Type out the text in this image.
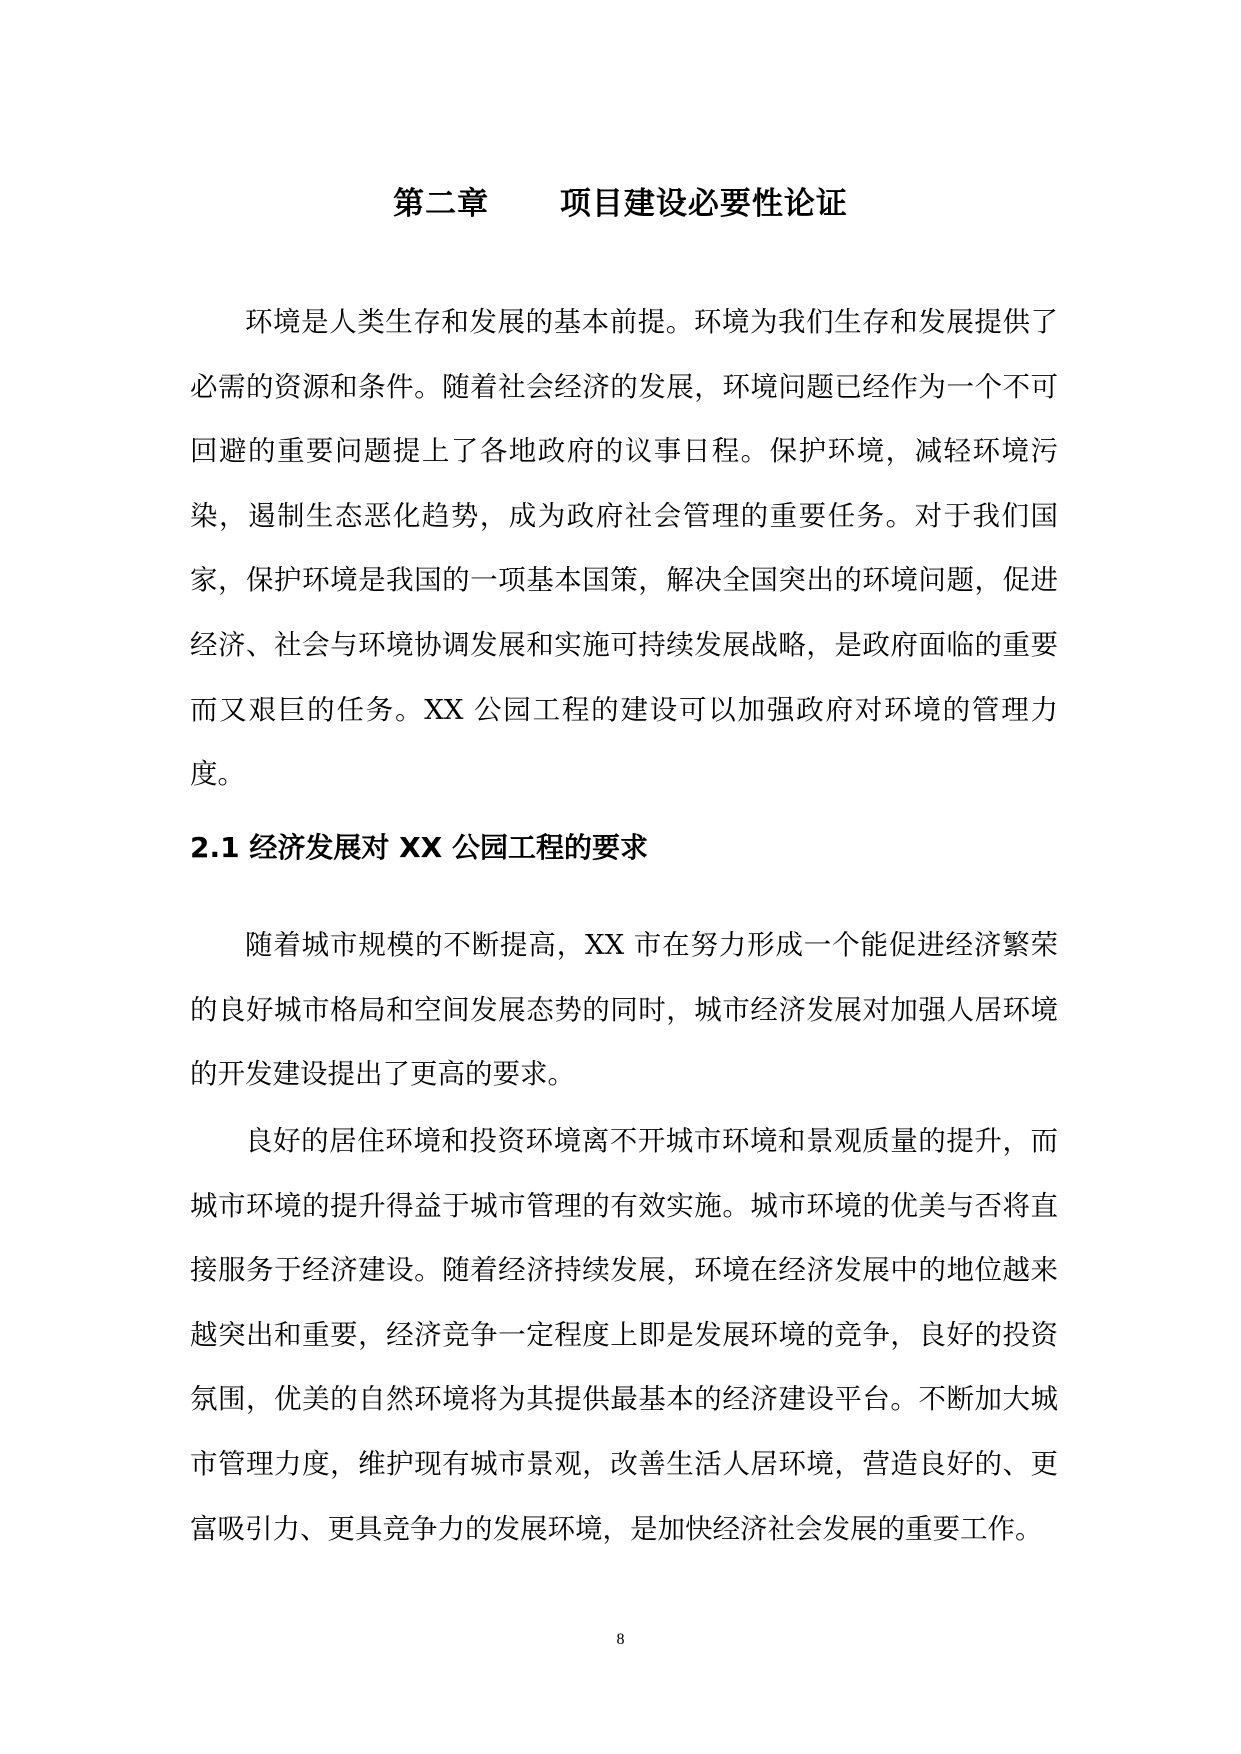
第二章      项目建设必要性论证

环境是人类生存和发展的基本前提。环境为我们生存和发展提供了必需的资源和条件。随着社会经济的发展，环境问题已经作为一个不可回避的重要问题提上了各地政府的议事日程。保护环境，减轻环境污染，遏制生态恶化趋势，成为政府社会管理的重要任务。对于我们国家，保护环境是我国的一项基本国策，解决全国突出的环境问题，促进经济、社会与环境协调发展和实施可持续发展战略，是政府面临的重要而又艰巨的任务。XX 公园工程的建设可以加强政府对环境的管理力度。

2.1 经济发展对 XX 公园工程的要求

随着城市规模的不断提高，XX 市在努力形成一个能促进经济繁荣的良好城市格局和空间发展态势的同时，城市经济发展对加强人居环境的开发建设提出了更高的要求。

良好的居住环境和投资环境离不开城市环境和景观质量的提升，而城市环境的提升得益于城市管理的有效实施。城市环境的优美与否将直接服务于经济建设。随着经济持续发展，环境在经济发展中的地位越来越突出和重要，经济竞争一定程度上即是发展环境的竞争，良好的投资氛围，优美的自然环境将为其提供最基本的经济建设平台。不断加大城市管理力度，维护现有城市景观，改善生活人居环境，营造良好的、更富吸引力、更具竞争力的发展环境，是加快经济社会发展的重要工作。

8
